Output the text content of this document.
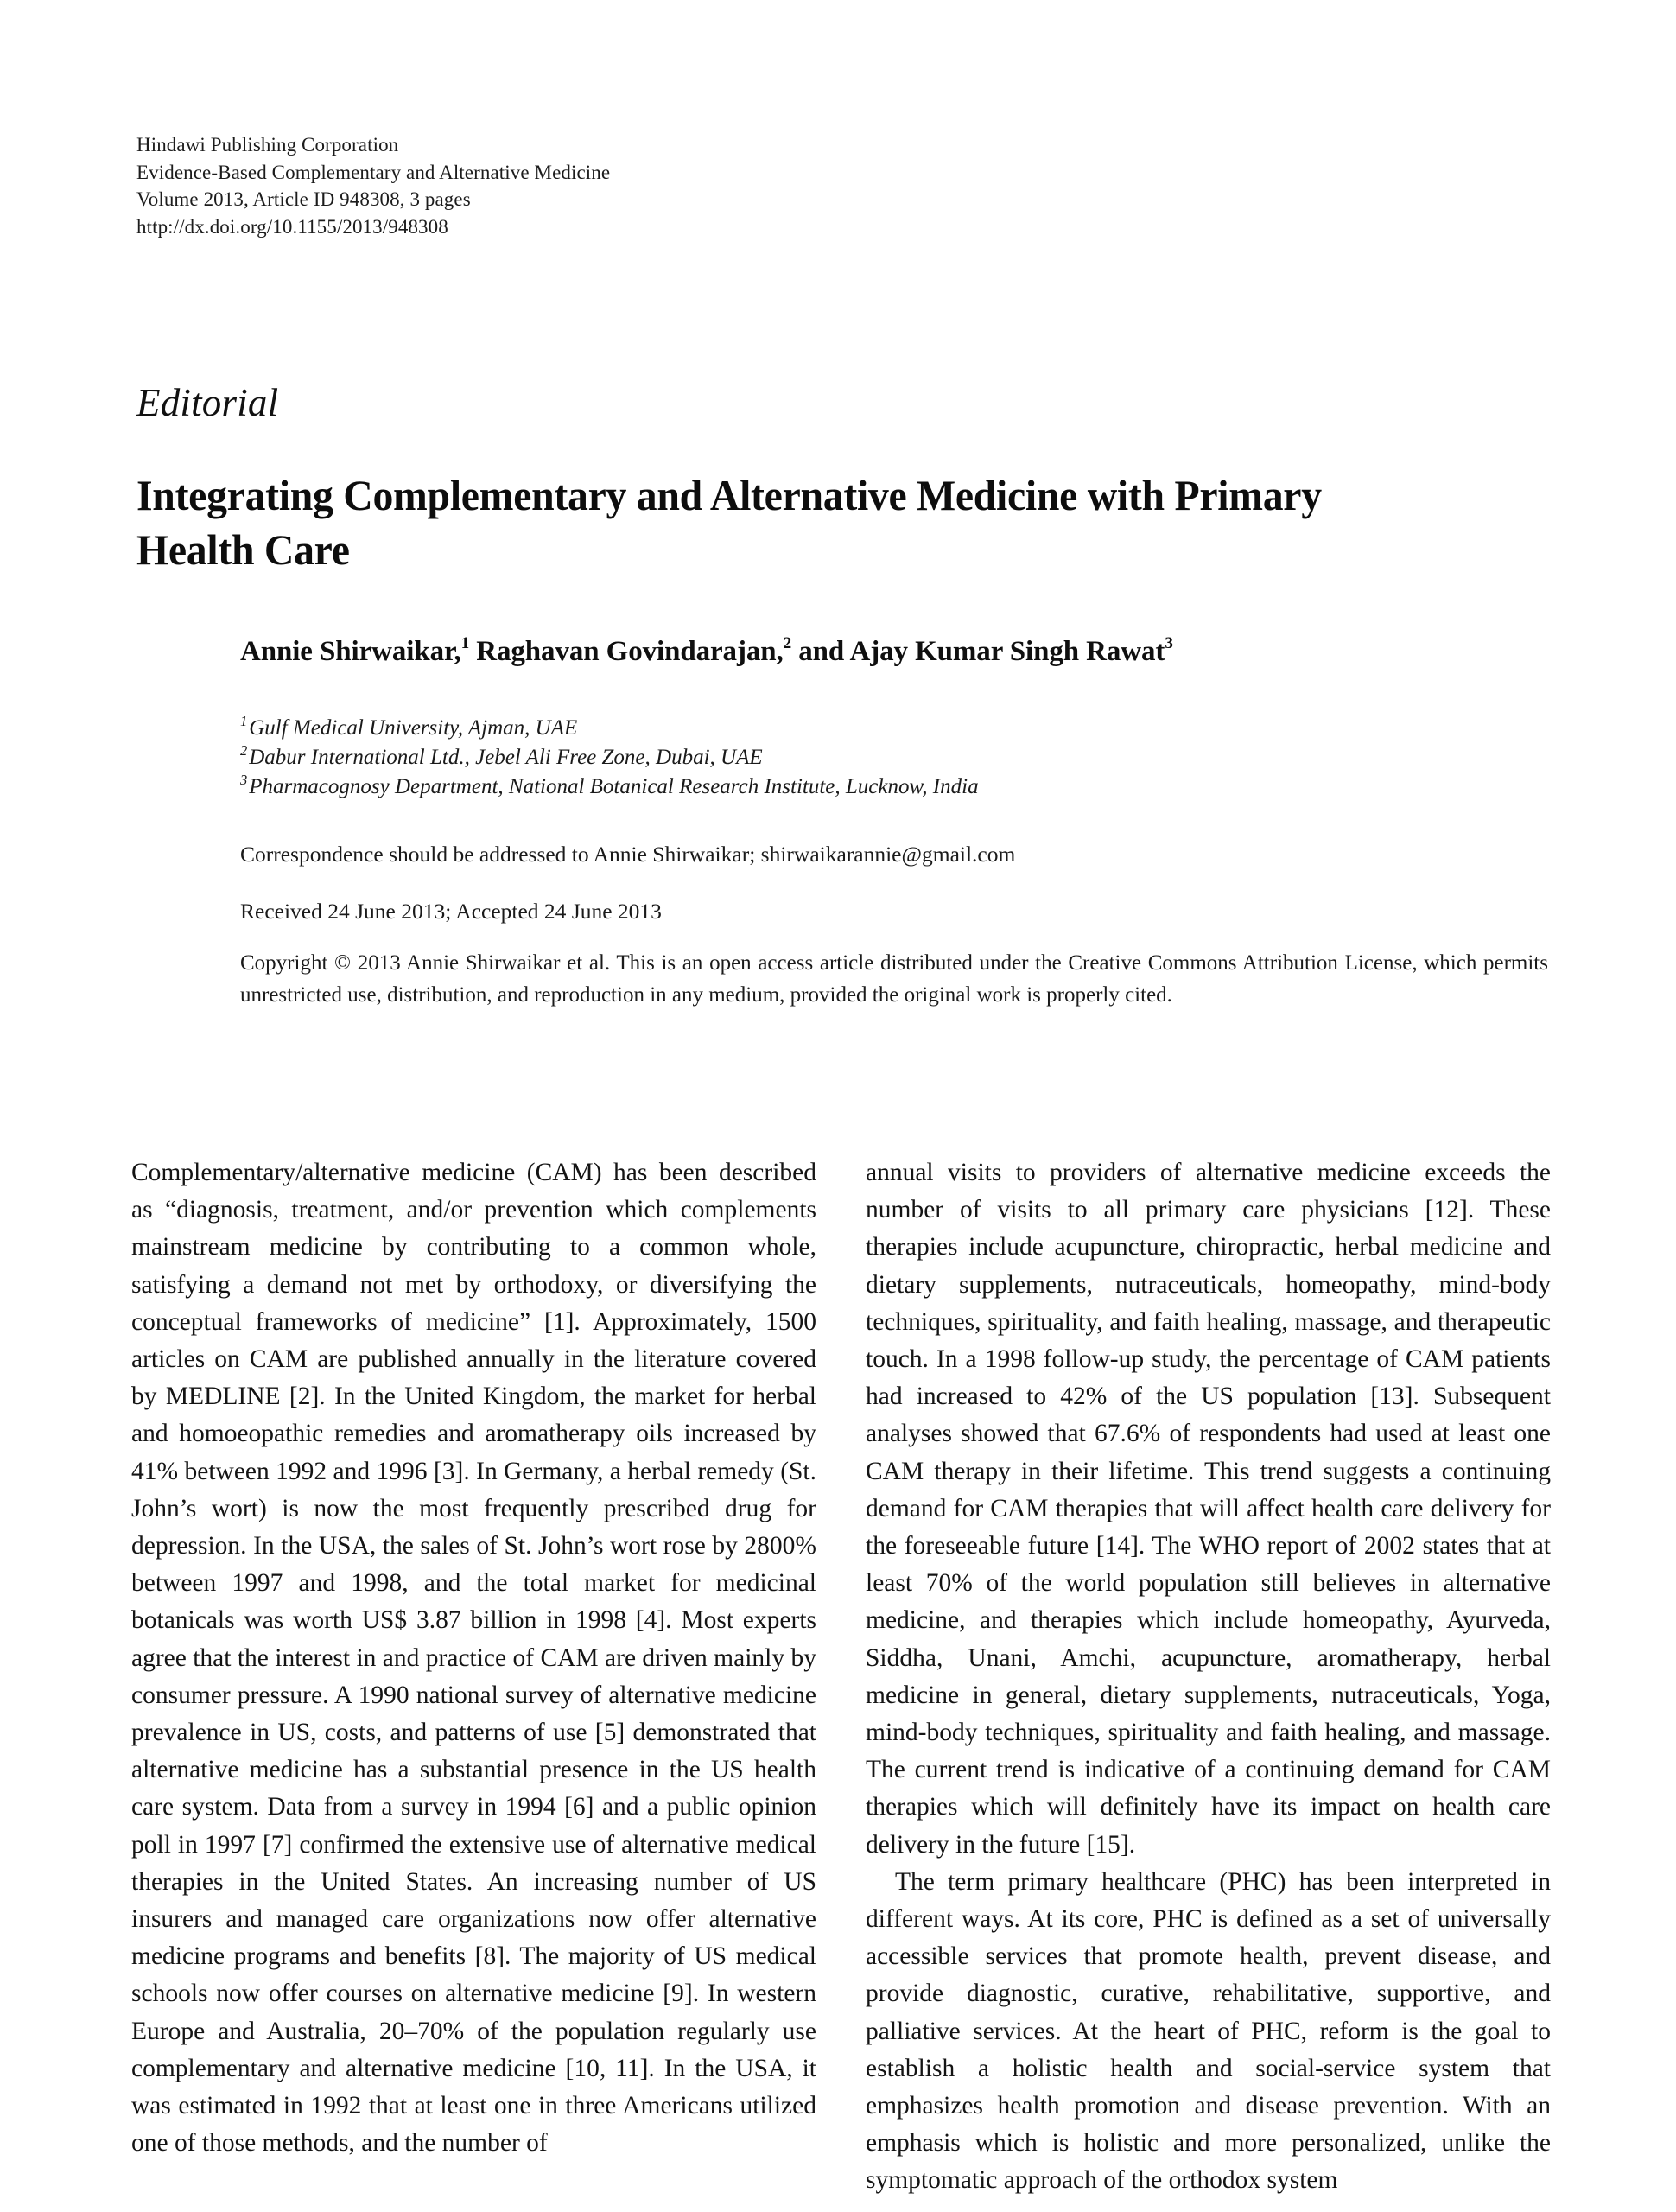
Hindawi Publishing Corporation
Evidence-Based Complementary and Alternative Medicine
Volume 2013, Article ID 948308, 3 pages
http://dx.doi.org/10.1155/2013/948308
Editorial
Integrating Complementary and Alternative Medicine with Primary Health Care
Annie Shirwaikar,$^1$ Raghavan Govindarajan,$^2$ and Ajay Kumar Singh Rawat$^3$
$^1$Gulf Medical University, Ajman, UAE
$^2$Dabur International Ltd., Jebel Ali Free Zone, Dubai, UAE
$^3$Pharmacognosy Department, National Botanical Research Institute, Lucknow, India
Correspondence should be addressed to Annie Shirwaikar; shirwaikarannie@gmail.com
Received 24 June 2013; Accepted 24 June 2013
Copyright © 2013 Annie Shirwaikar et al. This is an open access article distributed under the Creative Commons Attribution License, which permits unrestricted use, distribution, and reproduction in any medium, provided the original work is properly cited.

Complementary/alternative medicine (CAM) has been described as “diagnosis, treatment, and/or prevention which complements mainstream medicine by contributing to a common whole, satisfying a demand not met by orthodoxy, or diversifying the conceptual frameworks of medicine” [1]. Approximately, 1500 articles on CAM are published annually in the literature covered by MEDLINE [2]. In the United Kingdom, the market for herbal and homoeopathic remedies and aromatherapy oils increased by 41% between 1992 and 1996 [3]. In Germany, a herbal remedy (St. John’s wort) is now the most frequently prescribed drug for depression. In the USA, the sales of St. John’s wort rose by 2800% between 1997 and 1998, and the total market for medicinal botanicals was worth US$ 3.87 billion in 1998 [4]. Most experts agree that the interest in and practice of CAM are driven mainly by consumer pressure. A 1990 national survey of alternative medicine prevalence in US, costs, and patterns of use [5] demonstrated that alternative medicine has a substantial presence in the US health care system. Data from a survey in 1994 [6] and a public opinion poll in 1997 [7] confirmed the extensive use of alternative medical therapies in the United States. An increasing number of US insurers and managed care organizations now offer alternative medicine programs and benefits [8]. The majority of US medical schools now offer courses on alternative medicine [9]. In western Europe and Australia, 20–70% of the population regularly use complementary and alternative medicine [10, 11]. In the USA, it was estimated in 1992 that at least one in three Americans utilized one of those methods, and the number of

annual visits to providers of alternative medicine exceeds the number of visits to all primary care physicians [12]. These therapies include acupuncture, chiropractic, herbal medicine and dietary supplements, nutraceuticals, homeopathy, mind-body techniques, spirituality, and faith healing, massage, and therapeutic touch. In a 1998 follow-up study, the percentage of CAM patients had increased to 42% of the US population [13]. Subsequent analyses showed that 67.6% of respondents had used at least one CAM therapy in their lifetime. This trend suggests a continuing demand for CAM therapies that will affect health care delivery for the foreseeable future [14]. The WHO report of 2002 states that at least 70% of the world population still believes in alternative medicine, and therapies which include homeopathy, Ayurveda, Siddha, Unani, Amchi, acupuncture, aromatherapy, herbal medicine in general, dietary supplements, nutraceuticals, Yoga, mind-body techniques, spirituality and faith healing, and massage. The current trend is indicative of a continuing demand for CAM therapies which will definitely have its impact on health care delivery in the future [15].

The term primary healthcare (PHC) has been interpreted in different ways. At its core, PHC is defined as a set of universally accessible services that promote health, prevent disease, and provide diagnostic, curative, rehabilitative, supportive, and palliative services. At the heart of PHC, reform is the goal to establish a holistic health and social-service system that emphasizes health promotion and disease prevention. With an emphasis which is holistic and more personalized, unlike the symptomatic approach of the orthodox system
